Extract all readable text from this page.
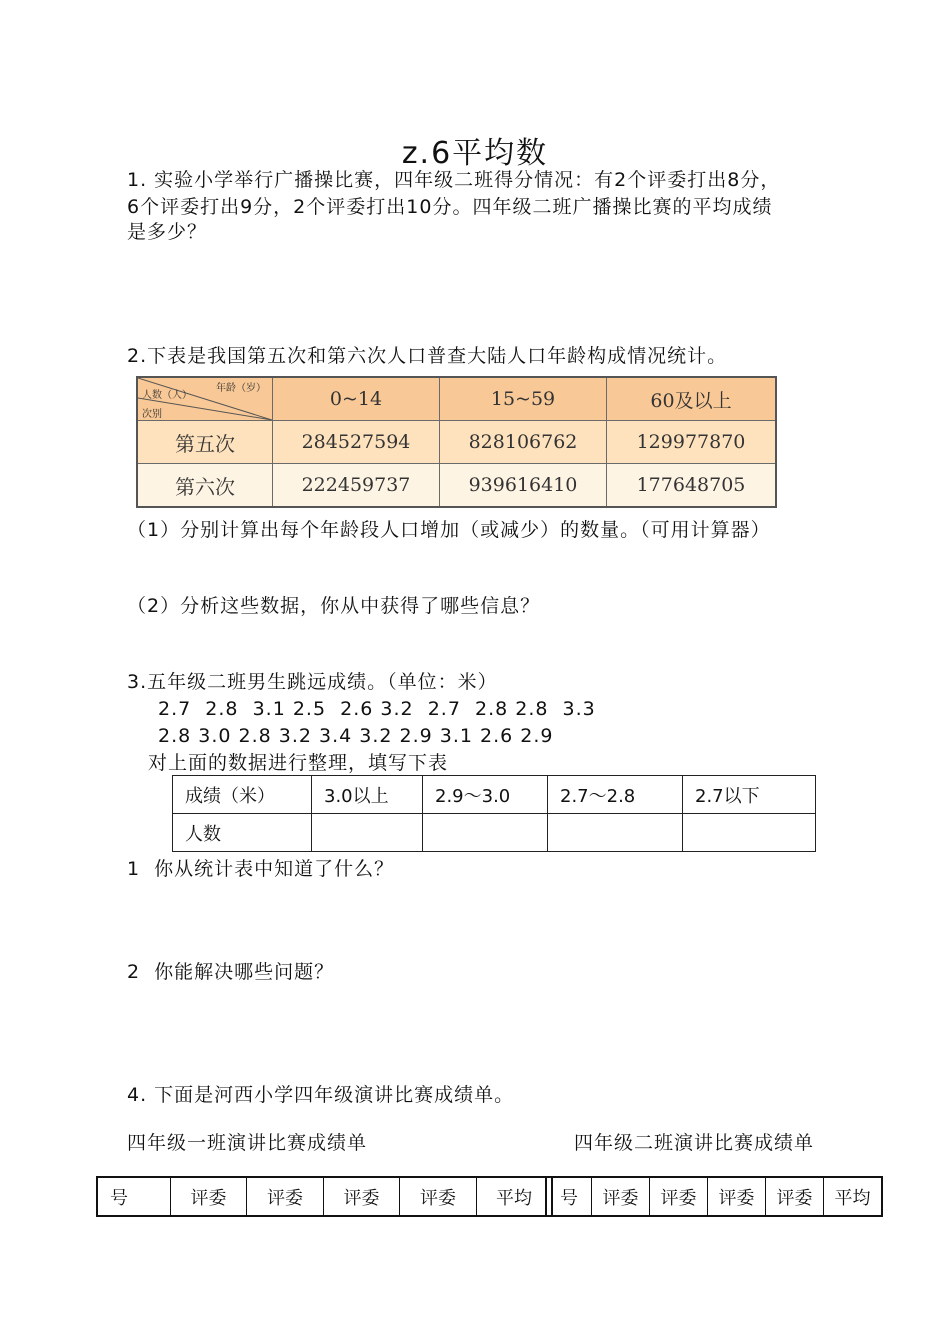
z.6平均数
1. 实验小学举行广播操比赛，四年级二班得分情况：有2个评委打出8分，
6个评委打出9分，2个评委打出10分。四年级二班广播操比赛的平均成绩
是多少？
2.下表是我国第五次和第六次人口普查大陆人口年龄构成情况统计。
年龄（岁）
人数（人）
次别	0~14	15~59	60及以上
第五次	284527594	828106762	129977870
第六次	222459737	939616410	177648705
（1）分别计算出每个年龄段人口增加（或减少）的数量。（可用计算器）
（2）分析这些数据，你从中获得了哪些信息？
3.五年级二班男生跳远成绩。（单位：米）
2.7  2.8  3.1 2.5  2.6 3.2  2.7  2.8 2.8  3.3
2.8 3.0 2.8 3.2 3.4 3.2 2.9 3.1 2.6 2.9
对上面的数据进行整理，填写下表
成绩（米）	3.0以上	2.9～3.0	2.7～2.8	2.7以下
人数				
1  你从统计表中知道了什么？
2  你能解决哪些问题？
4. 下面是河西小学四年级演讲比赛成绩单。
四年级一班演讲比赛成绩单	四年级二班演讲比赛成绩单
号	评委	评委	评委	评委	平均 号	评委	评委	评委	评委	平均
